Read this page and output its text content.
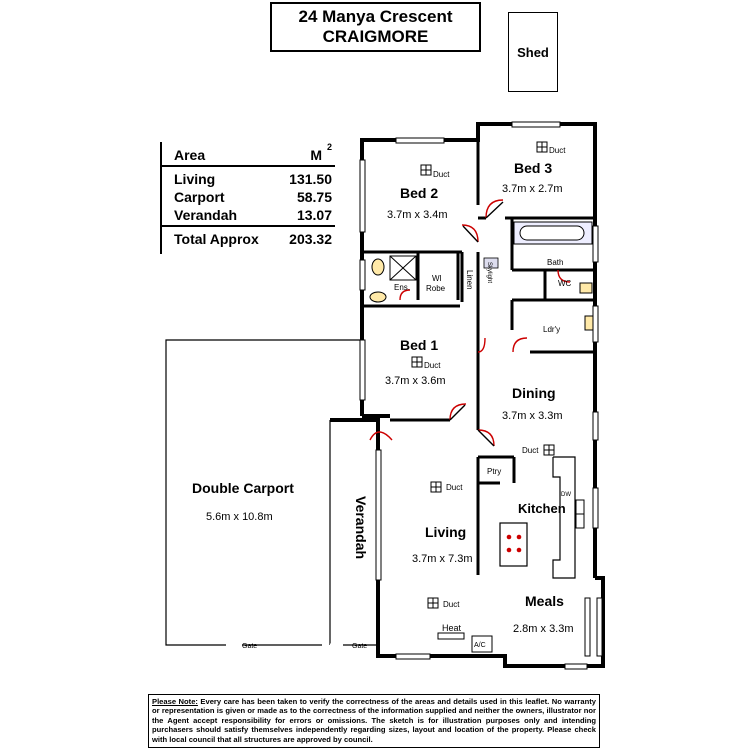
24 Manya Crescent
CRAIGMORE
Shed
Area	M 2
Living	131.50
Carport	58.75
Verandah	13.07
Total Approx 203.32
Bed 2
3.7m x 3.4m
Bed 3
3.7m x 2.7m
Bed 1
3.7m x 3.6m
Dining
3.7m x 3.3m
Living
3.7m x 7.3m
Meals
2.8m x 3.3m
Double Carport
5.6m x 10.8m
Kitchen
Verandah
Duct
Duct
Duct
Duct
Duct
Duct
Bath
WC
Ldr'y
Ens.
WI
Robe Linen Skylight
Ptry
DW
Heat
A/C
Gate	Gate
Please Note: Every care has been taken to verify the correctness of the areas and details used in this leaflet. No warranty or representation is given or made as to the correctness of the information supplied and neither the owners, illustrator nor the Agent accept responsibility for errors or omissions. The sketch is for illustration purposes only and intending purchasers should satisfy themselves independently regarding sizes, layout and location of the property. Please check with local council that all structures are approved by council.
